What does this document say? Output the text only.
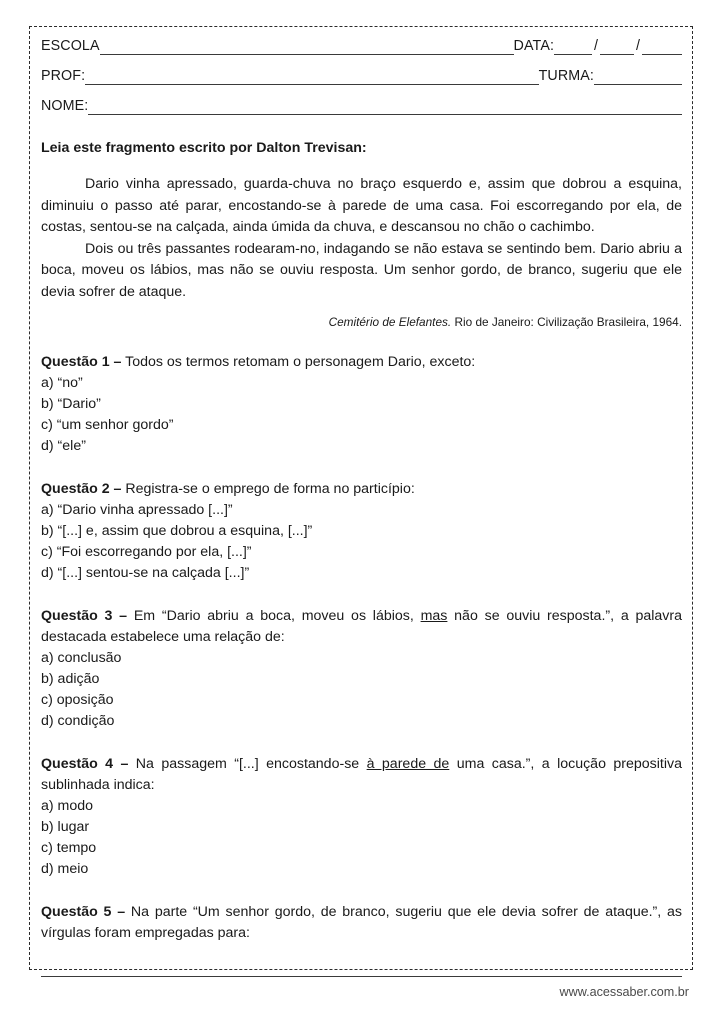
ESCOLA	DATA:	/	/
PROF:	TURMA:
NOME:

Leia este fragmento escrito por Dalton Trevisan:

Dario vinha apressado, guarda-chuva no braço esquerdo e, assim que dobrou a esquina, diminuiu o passo até parar, encostando-se à parede de uma casa. Foi escorregando por ela, de costas, sentou-se na calçada, ainda úmida da chuva, e descansou no chão o cachimbo.

Dois ou três passantes rodearam-no, indagando se não estava se sentindo bem. Dario abriu a boca, moveu os lábios, mas não se ouviu resposta. Um senhor gordo, de branco, sugeriu que ele devia sofrer de ataque.

Cemitério de Elefantes. Rio de Janeiro: Civilização Brasileira, 1964.

Questão 1 – Todos os termos retomam o personagem Dario, exceto:

a) “no”

b) “Dario”

c) “um senhor gordo”

d) “ele”

Questão 2 – Registra-se o emprego de forma no particípio:

a) “Dario vinha apressado [...]”

b) “[...] e, assim que dobrou a esquina, [...]”

c) “Foi escorregando por ela, [...]”

d) “[...] sentou-se na calçada [...]”

Questão 3 – Em “Dario abriu a boca, moveu os lábios, mas não se ouviu resposta.”, a palavra destacada estabelece uma relação de:

a) conclusão

b) adição

c) oposição

d) condição

Questão 4 – Na passagem “[...] encostando-se à parede de uma casa.”, a locução prepositiva sublinhada indica:

a) modo

b) lugar

c) tempo

d) meio

Questão 5 – Na parte “Um senhor gordo, de branco, sugeriu que ele devia sofrer de ataque.”, as vírgulas foram empregadas para:

www.acessaber.com.br
